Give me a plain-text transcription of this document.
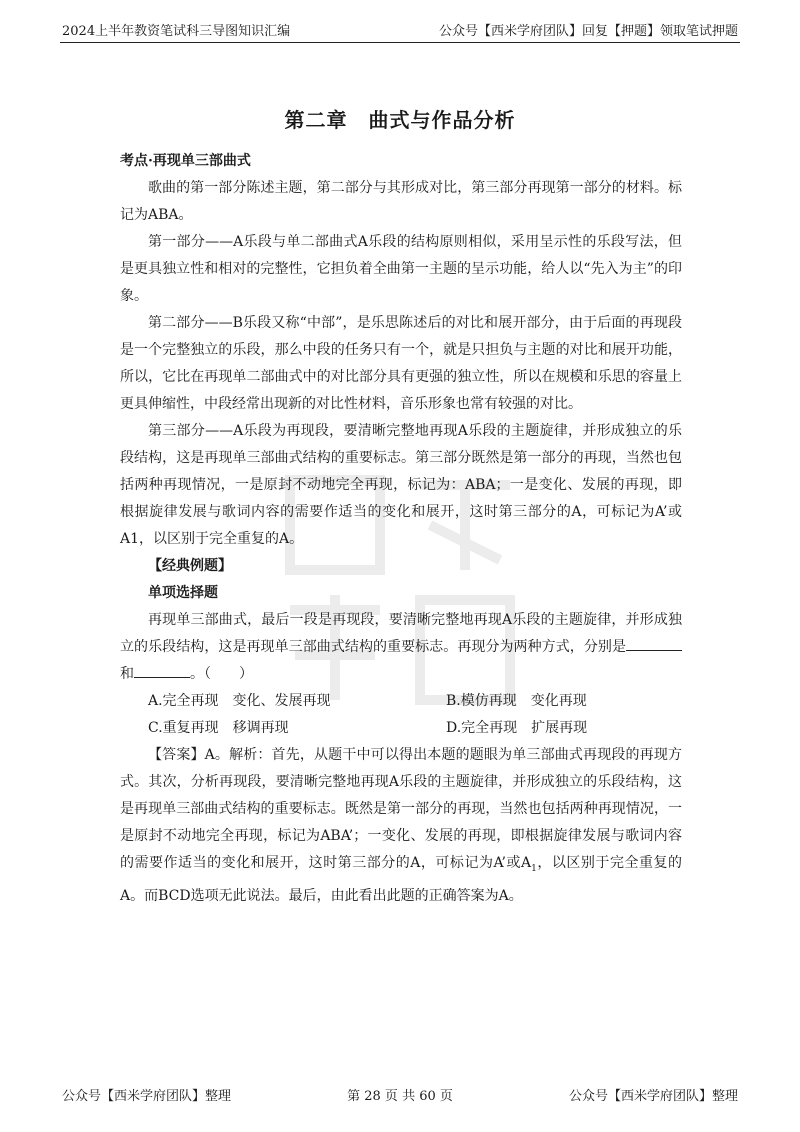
2024上半年教资笔试科三导图知识汇编	公众号【西米学府团队】回复【押题】领取笔试押题
第二章　曲式与作品分析

考点·再现单三部曲式

歌曲的第一部分陈述主题，第二部分与其形成对比，第三部分再现第一部分的材料。标记为ABA。

第一部分——A乐段与单二部曲式A乐段的结构原则相似，采用呈示性的乐段写法，但是更具独立性和相对的完整性，它担负着全曲第一主题的呈示功能，给人以“先入为主”的印象。

第二部分——B乐段又称“中部”，是乐思陈述后的对比和展开部分，由于后面的再现段是一个完整独立的乐段，那么中段的任务只有一个，就是只担负与主题的对比和展开功能，所以，它比在再现单二部曲式中的对比部分具有更强的独立性，所以在规模和乐思的容量上更具伸缩性，中段经常出现新的对比性材料，音乐形象也常有较强的对比。

第三部分——A乐段为再现段，要清晰完整地再现A乐段的主题旋律，并形成独立的乐段结构，这是再现单三部曲式结构的重要标志。第三部分既然是第一部分的再现，当然也包括两种再现情况，一是原封不动地完全再现，标记为：ABA；一是变化、发展的再现，即根据旋律发展与歌词内容的需要作适当的变化和展开，这时第三部分的A，可标记为A’或A1，以区别于完全重复的A。

【经典例题】

单项选择题

再现单三部曲式，最后一段是再现段，要清晰完整地再现A乐段的主题旋律，并形成独立的乐段结构，这是再现单三部曲式结构的重要标志。再现分为两种方式，分别是和	。（　　）

A.完全再现　变化、发展再现	B.模仿再现　变化再现
C.重复再现　移调再现	D.完全再现　扩展再现

【答案】A。解析：首先，从题干中可以得出本题的题眼为单三部曲式再现段的再现方式。其次，分析再现段，要清晰完整地再现A乐段的主题旋律，并形成独立的乐段结构，这是再现单三部曲式结构的重要标志。既然是第一部分的再现，当然也包括两种再现情况，一是原封不动地完全再现，标记为ABA’；一变化、发展的再现，即根据旋律发展与歌词内容的需要作适当的变化和展开，这时第三部分的A，可标记为A’或$A_1$，以区别于完全重复的A。而BCD选项无此说法。最后，由此看出此题的正确答案为A。

公众号【西米学府团队】整理	第 28 页 共 60 页	公众号【西米学府团队】整理
